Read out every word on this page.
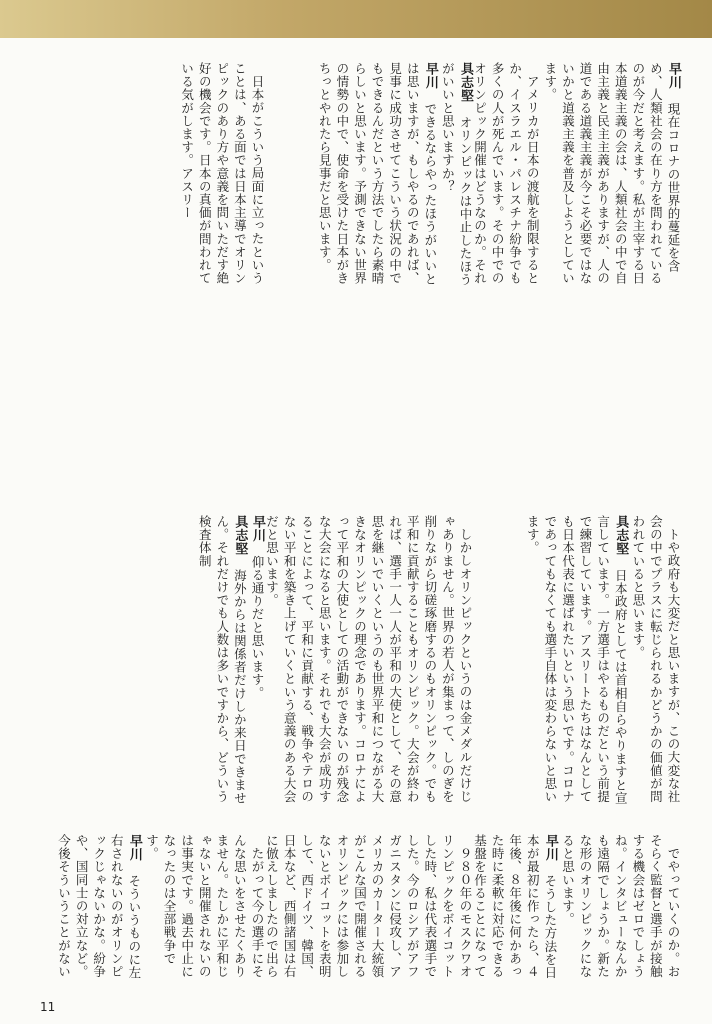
早川　現在コロナの世界的蔓延を含め、人類社会の在り方を問われているのが今だと考えます。私が主宰する日本道義主義の会は、人類社会の中で自由主義と民主主義がありますが、人の道である道義主義が今こそ必要ではないかと道義主義を普及しようとしています。

アメリカが日本の渡航を制限するとか、イスラエル・パレスチナ紛争でも多くの人が死んでいます。その中でのオリンピック開催はどうなのか。それ

具志堅　オリンピックは中止したほうがいいと思いますか？

早川　できるならやったほうがいいとは思いますが、もしやるのであれば、見事に成功させてこういう状況の中でもできるんだという方法でしたら素晴らしいと思います。予測できない世界の情勢の中で、使命を受けた日本がきちっとやれたら見事だと思います。

日本がこういう局面に立ったということは、ある面では日本主導でオリンピックのあり方や意義を問いただす絶好の機会です。日本の真価が問われている気がします。アスリー

トや政府も大変だと思いますが、この大変な社会の中でプラスに転じられるかどうかの価値が問われていると思います。

具志堅　日本政府としては首相自らやりますと宣言しています。一方選手はやるものだという前提で練習しています。アスリートたちはなんとしても日本代表に選ばれたいという思いです。コロナであってもなくても選手自体は変わらないと思います。

しかしオリンピックというのは金メダルだけじゃありません。世界の若人が集まって、しのぎを削りながら切磋琢磨するのもオリンピック。でも平和に貢献することもオリンピック。大会が終われば、選手一人一人が平和の大使として、その意思を継いでいくというのも世界平和につながる大きなオリンピックの理念であります。コロナによって平和の大使としての活動ができないのが残念な大会になると思います。それでも大会が成功することによって、平和に貢献する、戦争やテロのない平和を築き上げていくという意義のある大会だと思います。

早川　仰る通りだと思います。

具志堅　海外からは関係者だけしか来日できません。それだけでも人数は多いですから、どういう検査体制

でやっていくのか。おそらく監督と選手が接触する機会はゼロでしょうね。インタビューなんかも遠隔でしょうか。新たな形のオリンピックになると思います。

早川　そうした方法を日本が最初に作ったら、４年後、８年後に何かあった時に柔軟に対応できる基盤を作ることになって

９８０年のモスクワオリンピックをボイコットした時、私は代表選手でした。今のロシアがアフガニスタンに侵攻し、アメリカのカーター大統領がこんな国で開催されるオリンピックには参加しないとボイコットを表明して、西ドイツ、韓国、日本など、西側諸国は右に倣えしましたので出ら

たがって今の選手にそんな思いをさせたくありません。たしかに平和じゃないと開催されないのは事実です。過去中止になったのは全部戦争です。

早川　そういうものに左右されないのがオリンピックじゃないかな。紛争や、国同士の対立など。今後そういうことがない

11
